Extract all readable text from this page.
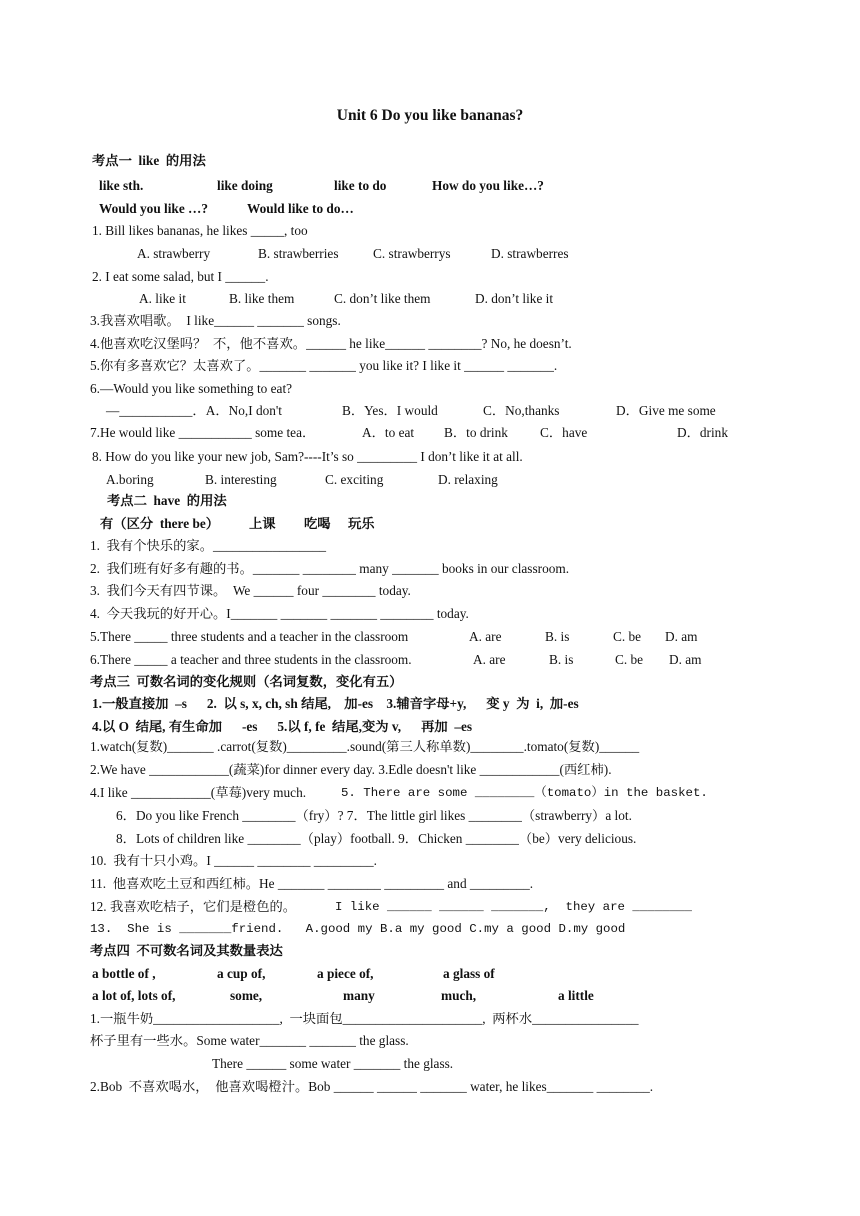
Unit 6 Do you like bananas?
考点一  like  的用法
like sth.	like doing	like to do	How do you like…?
Would you like …?	Would like to do…
1. Bill likes bananas, he likes _____, too
A. strawberry	B. strawberries	C. strawberrys	D. strawberres
2. I eat some salad, but I ______.
A. like it	B. like them	C. don’t like them	D. don’t like it
3.我喜欢唱歌。  I like______ _______ songs.
4.他喜欢吃汉堡吗？  不，他不喜欢。______ he like______ ________? No, he doesn’t.
5.你有多喜欢它？太喜欢了。_______ _______ you like it? I like it ______ _______.
6.—Would you like something to eat?
—___________．A．No,I don't	B．Yes．I would	C．No,thanks	D．Give me some
7.He would like ___________ some tea．	A．to eat B．to drink C．have	D．drink
8. How do you like your new job, Sam?----It’s so _________ I don’t like it at all.
A.boring	B. interesting	C. exciting	D. relaxing
考点二  have  的用法
有（区分  there be） 上课 吃喝 玩乐
1.  我有个快乐的家。_________________
2.  我们班有好多有趣的书。_______ ________ many _______ books in our classroom.
3.  我们今天有四节课。  We ______ four ________ today.
4.  今天我玩的好开心。I_______ _______ _______ ________ today.
5.There _____ three students and a teacher in the classroom	A. are	B. is	C. be D. am
6.There _____ a teacher and three students in the classroom.	A. are	B. is	C. be D. am
考点三  可数名词的变化规则（名词复数，变化有五）
1.一般直接加  –s      2.  以 s, x, ch, sh 结尾,    加-es    3.辅音字母+y,      变 y  为  i,  加-es
4.以 O  结尾, 有生命加      -es      5.以 f, fe  结尾,变为 v,      再加  –es
1.watch(复数)_______ .carrot(复数)_________.sound(第三人称单数)________.tomato(复数)______
2.We have ____________(蔬菜)for dinner every day. 3.Edle doesn't like ____________(西红柿).
4.I like ____________(草莓)very much.	5. There are some ________（tomato）in the basket.
6．Do you like French ________（fry）? 7．The little girl likes ________（strawberry）a lot.
8．Lots of children like ________（play）football. 9．Chicken ________（be）very delicious.
10.  我有十只小鸡。I ______ ________ _________.
11.  他喜欢吃土豆和西红柿。He _______ ________ _________ and _________.
12. 我喜欢吃桔子，它们是橙色的。	I like ______ ______ _______,  they are ________
13.  She is _______friend.   A.good my B.a my good C.my a good D.my good
考点四  不可数名词及其数量表达
a bottle of ,	a cup of,	a piece of,	a glass of
a lot of, lots of,	some,	many	much,	a little
1.一瓶牛奶___________________,  一块面包_____________________,  两杯水________________
杯子里有一些水。Some water_______ _______ the glass.
There ______ some water _______ the glass.
2.Bob  不喜欢喝水，  他喜欢喝橙汁。Bob ______ ______ _______ water, he likes_______ ________.
